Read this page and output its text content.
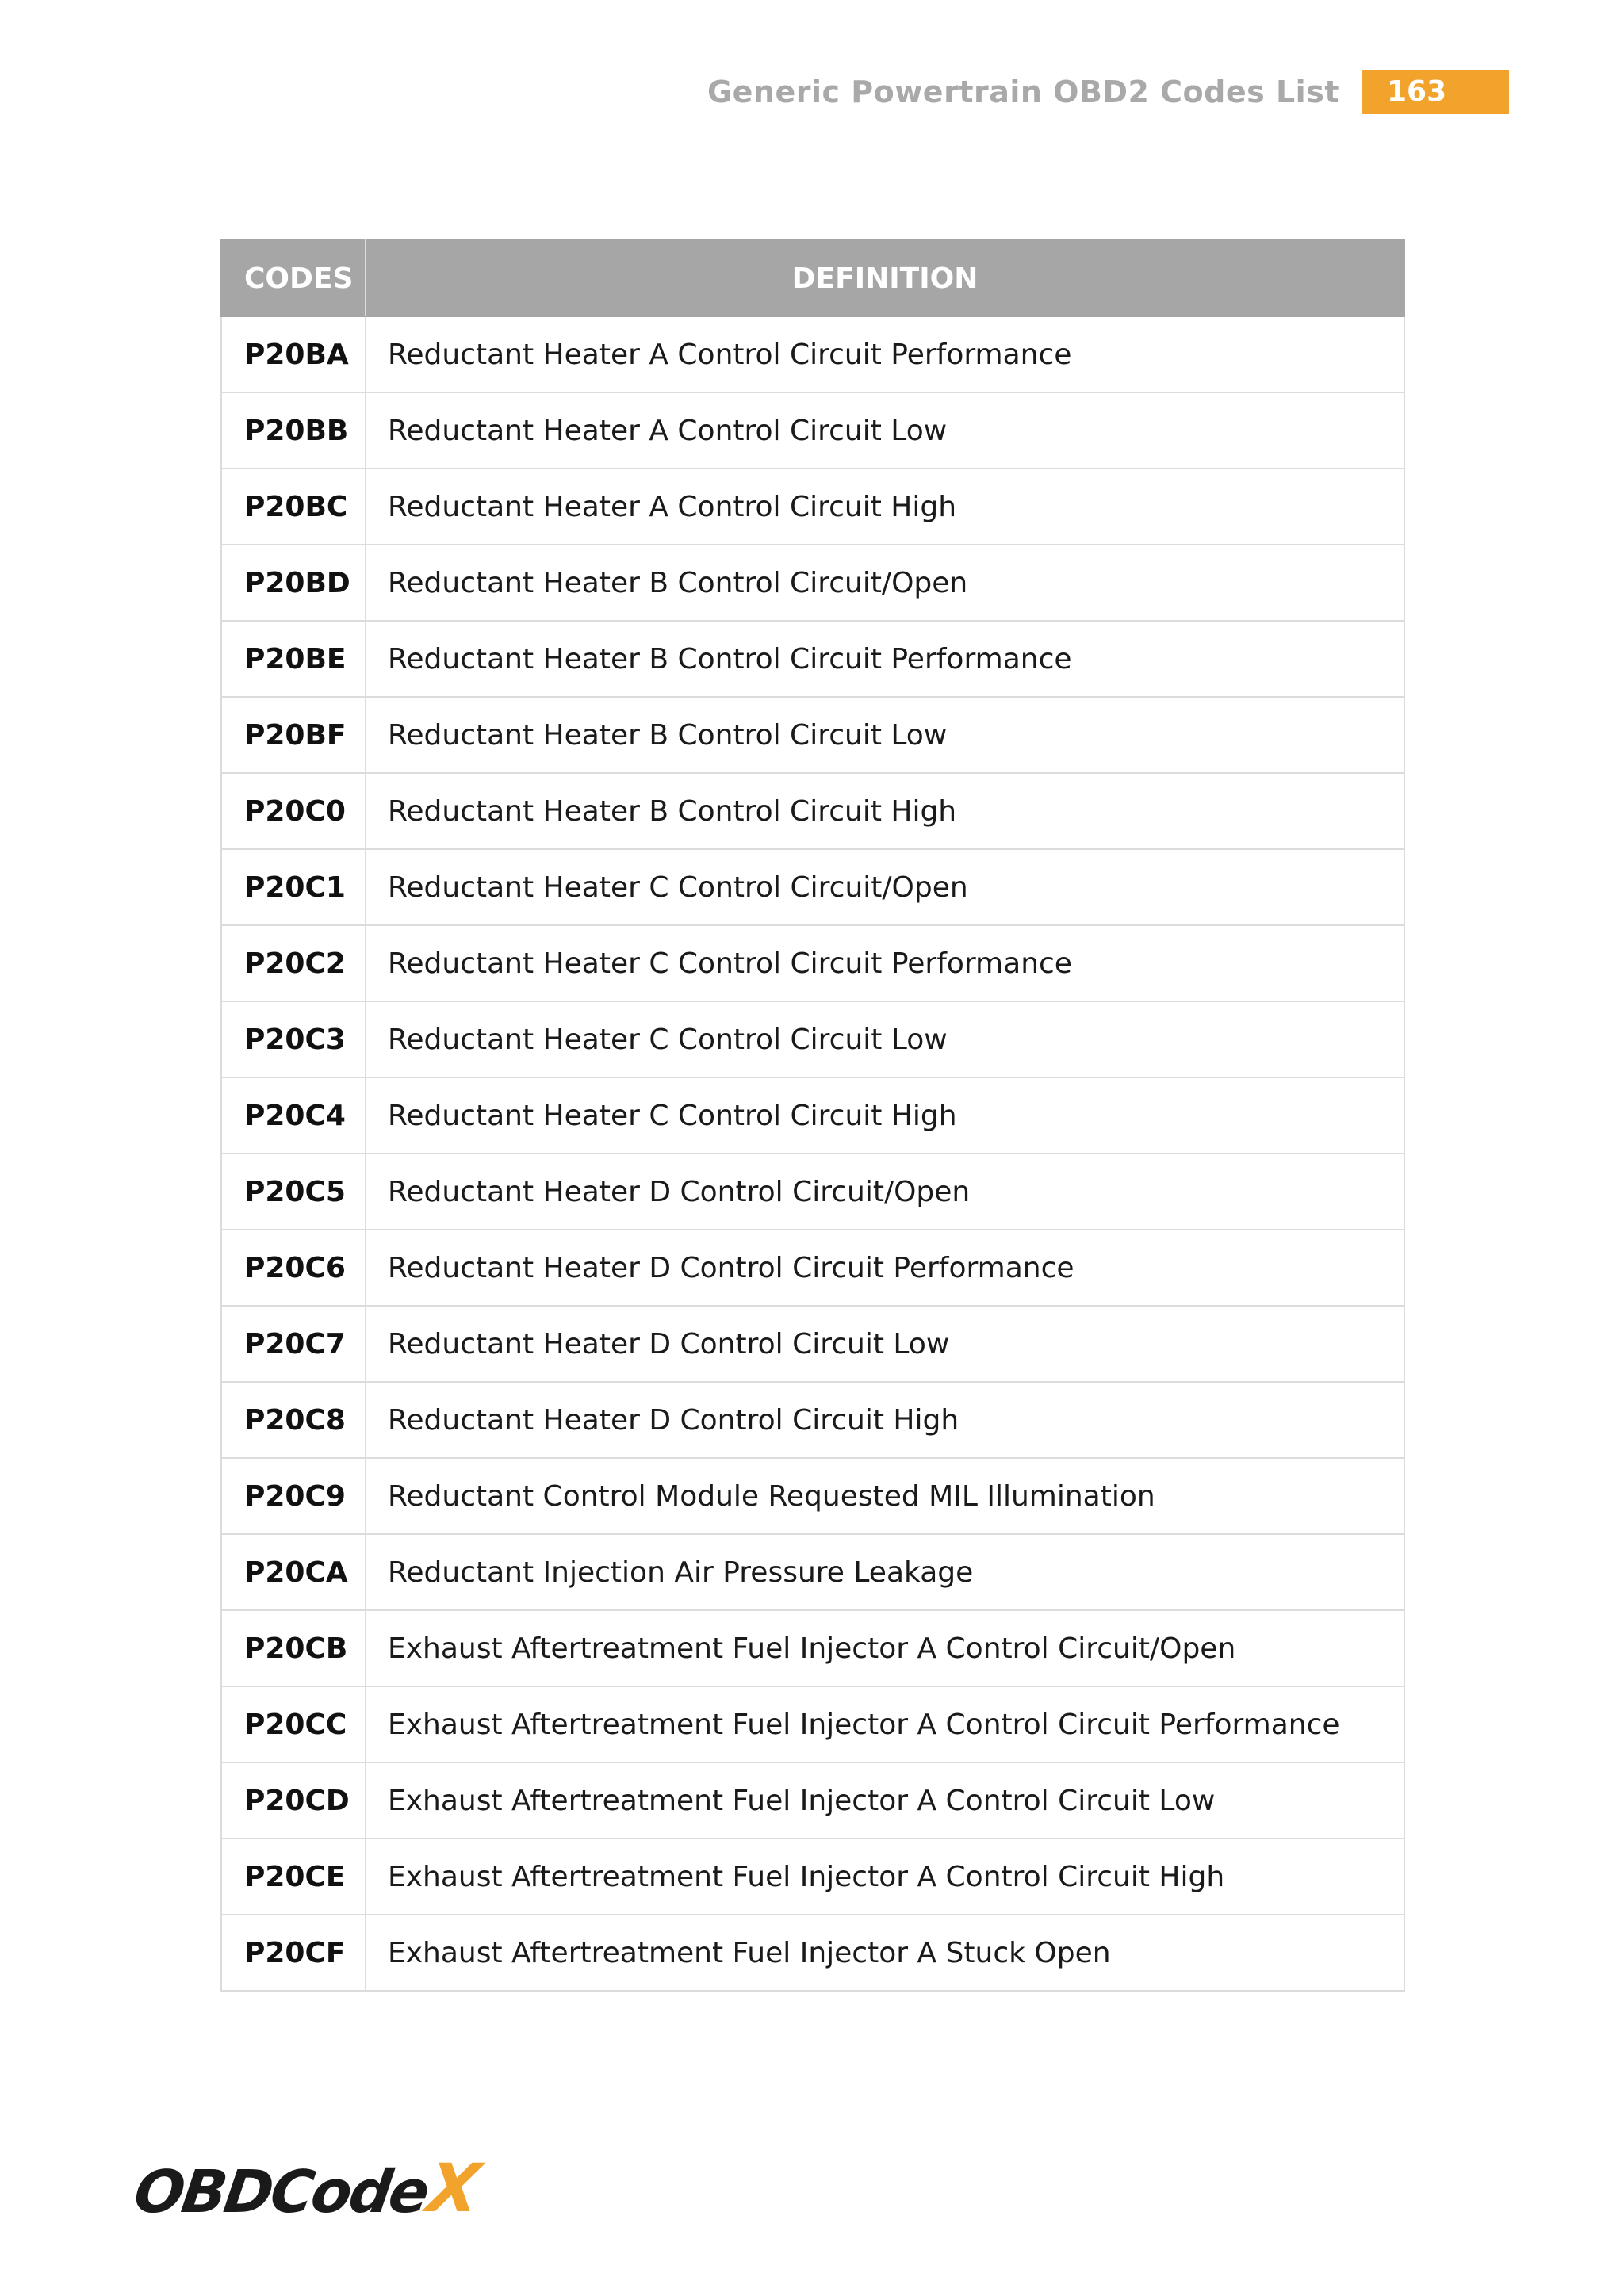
Generic Powertrain OBD2 Codes List	163
CODES	DEFINITION
P20BA	Reductant Heater A Control Circuit Performance
P20BB	Reductant Heater A Control Circuit Low
P20BC	Reductant Heater A Control Circuit High
P20BD	Reductant Heater B Control Circuit/Open
P20BE	Reductant Heater B Control Circuit Performance
P20BF	Reductant Heater B Control Circuit Low
P20C0	Reductant Heater B Control Circuit High
P20C1	Reductant Heater C Control Circuit/Open
P20C2	Reductant Heater C Control Circuit Performance
P20C3	Reductant Heater C Control Circuit Low
P20C4	Reductant Heater C Control Circuit High
P20C5	Reductant Heater D Control Circuit/Open
P20C6	Reductant Heater D Control Circuit Performance
P20C7	Reductant Heater D Control Circuit Low
P20C8	Reductant Heater D Control Circuit High
P20C9	Reductant Control Module Requested MIL Illumination
P20CA	Reductant Injection Air Pressure Leakage
P20CB	Exhaust Aftertreatment Fuel Injector A Control Circuit/Open
P20CC	Exhaust Aftertreatment Fuel Injector A Control Circuit Performance
P20CD	Exhaust Aftertreatment Fuel Injector A Control Circuit Low
P20CE	Exhaust Aftertreatment Fuel Injector A Control Circuit High
P20CF	Exhaust Aftertreatment Fuel Injector A Stuck Open
OBDCode
X
